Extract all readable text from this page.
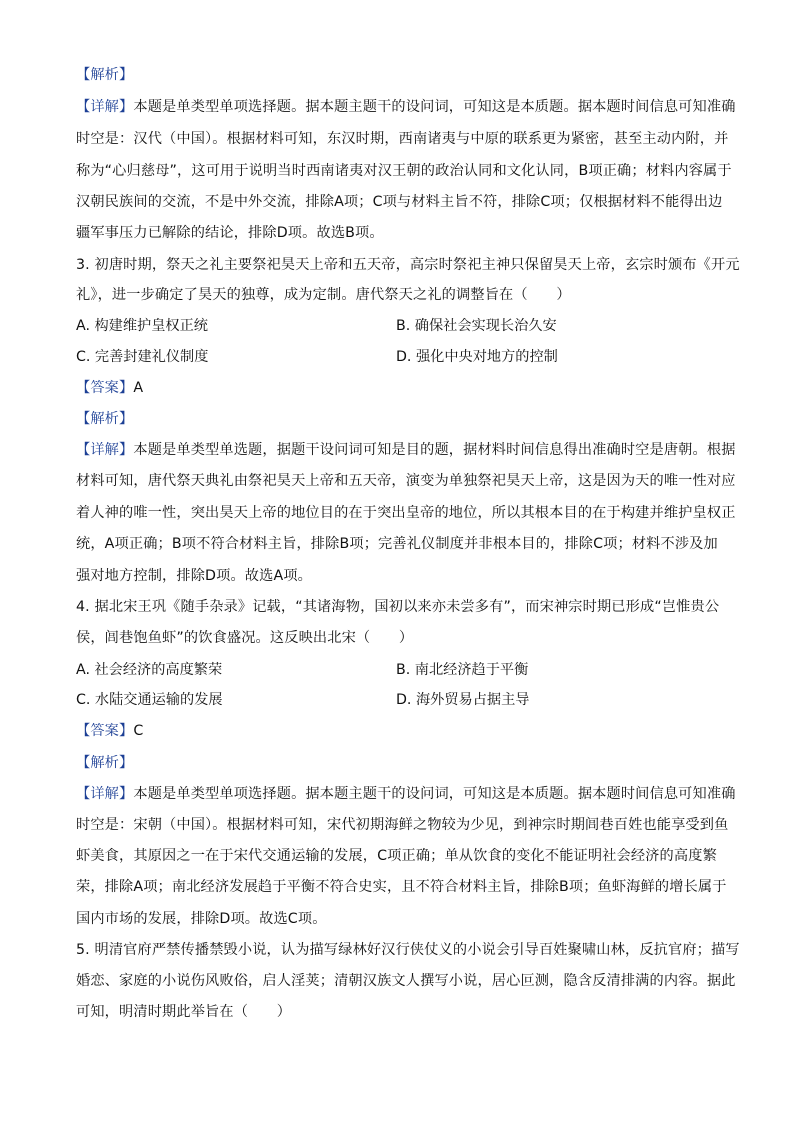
【解析】
【详解】本题是单类型单项选择题。据本题主题干的设问词，可知这是本质题。据本题时间信息可知准确
时空是：汉代（中国）。根据材料可知，东汉时期，西南诸夷与中原的联系更为紧密，甚至主动内附，并
称为“心归慈母”，这可用于说明当时西南诸夷对汉王朝的政治认同和文化认同，B项正确；材料内容属于
汉朝民族间的交流，不是中外交流，排除A项；C项与材料主旨不符，排除C项；仅根据材料不能得出边
疆军事压力已解除的结论，排除D项。故选B项。
3. 初唐时期，祭天之礼主要祭祀昊天上帝和五天帝，高宗时祭祀主神只保留昊天上帝，玄宗时颁布《开元
礼》，进一步确定了昊天的独尊，成为定制。唐代祭天之礼的调整旨在（　　）
A. 构建维护皇权正统	B. 确保社会实现长治久安
C. 完善封建礼仪制度	D. 强化中央对地方的控制
【答案】A
【解析】
【详解】本题是单类型单选题，据题干设问词可知是目的题，据材料时间信息得出准确时空是唐朝。根据
材料可知，唐代祭天典礼由祭祀昊天上帝和五天帝，演变为单独祭祀昊天上帝，这是因为天的唯一性对应
着人神的唯一性，突出昊天上帝的地位目的在于突出皇帝的地位，所以其根本目的在于构建并维护皇权正
统，A项正确；B项不符合材料主旨，排除B项；完善礼仪制度并非根本目的，排除C项；材料不涉及加
强对地方控制，排除D项。故选A项。
4. 据北宋王巩《随手杂录》记载，“其诸海物，国初以来亦未尝多有”，而宋神宗时期已形成“岂惟贵公
侯，闾巷饱鱼虾”的饮食盛况。这反映出北宋（　　）
A. 社会经济的高度繁荣	B. 南北经济趋于平衡
C. 水陆交通运输的发展	D. 海外贸易占据主导
【答案】C
【解析】
【详解】本题是单类型单项选择题。据本题主题干的设问词，可知这是本质题。据本题时间信息可知准确
时空是：宋朝（中国）。根据材料可知，宋代初期海鲜之物较为少见，到神宗时期闾巷百姓也能享受到鱼
虾美食，其原因之一在于宋代交通运输的发展，C项正确；单从饮食的变化不能证明社会经济的高度繁
荣，排除A项；南北经济发展趋于平衡不符合史实，且不符合材料主旨，排除B项；鱼虾海鲜的增长属于
国内市场的发展，排除D项。故选C项。
5. 明清官府严禁传播禁毁小说，认为描写绿林好汉行侠仗义的小说会引导百姓聚啸山林，反抗官府；描写
婚恋、家庭的小说伤风败俗，启人淫荚；清朝汉族文人撰写小说，居心叵测，隐含反清排满的内容。据此
可知，明清时期此举旨在（　　）
